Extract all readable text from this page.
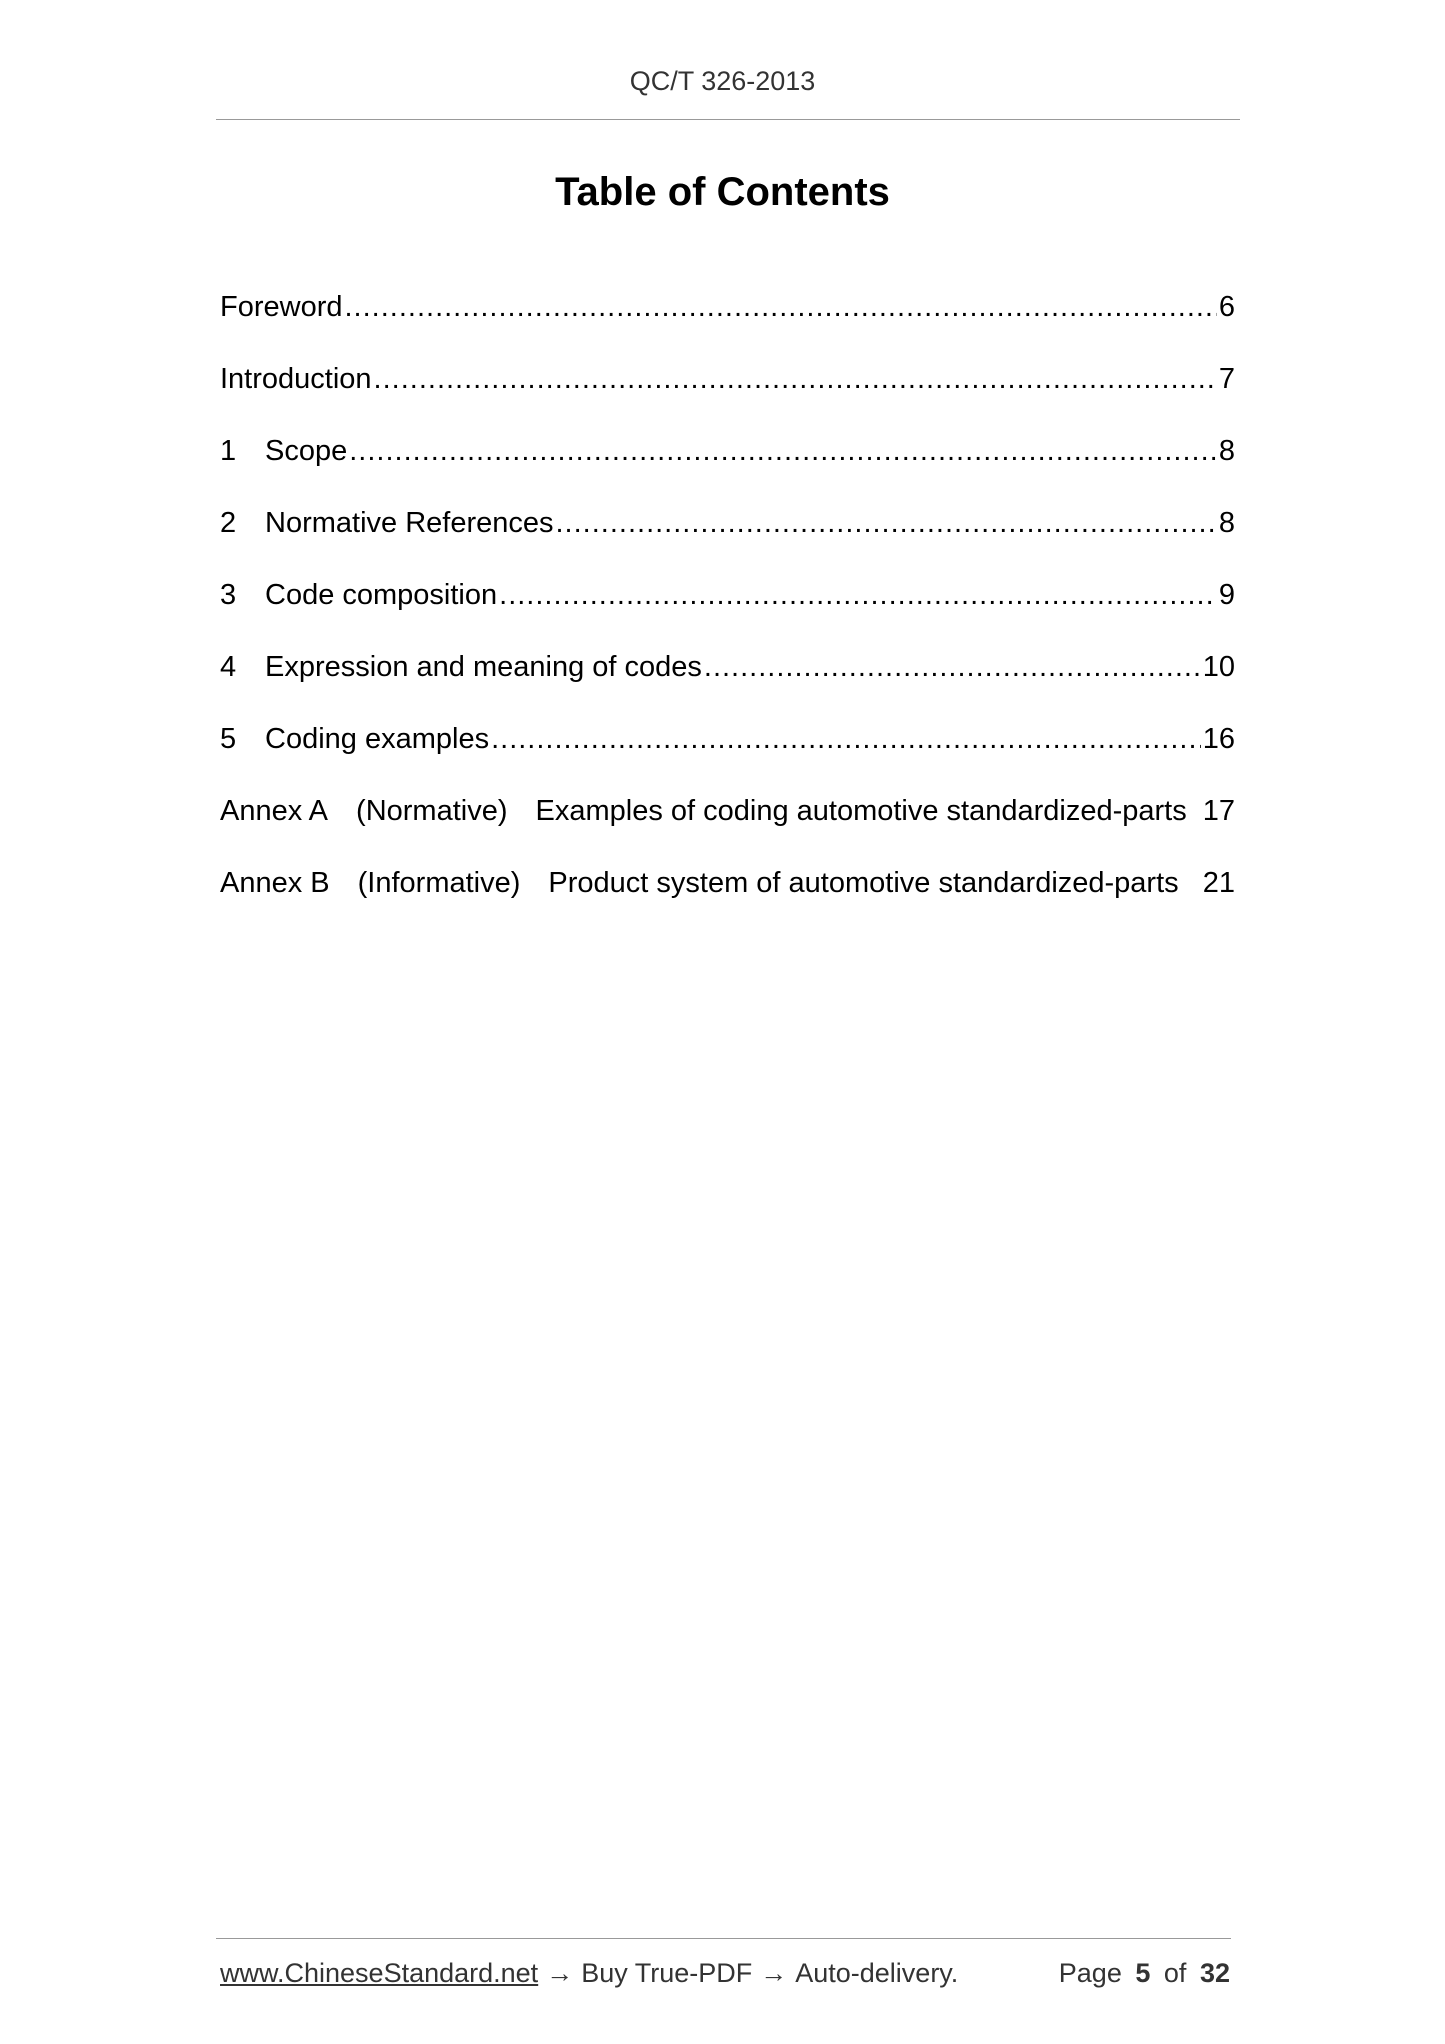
QC/T 326-2013
Table of Contents
Foreword .....	6
Introduction .....	7
1 Scope .....	8
2 Normative References .....	8
3 Code composition .....	9
4 Expression and meaning of codes .....	10
5 Coding examples .....	16
Annex A (Normative) Examples of coding automotive standardized-parts 17
Annex B (Informative) Product system of automotive standardized-parts 21
www.ChineseStandard.net → Buy True-PDF → Auto-delivery.	Page 5 of 32
